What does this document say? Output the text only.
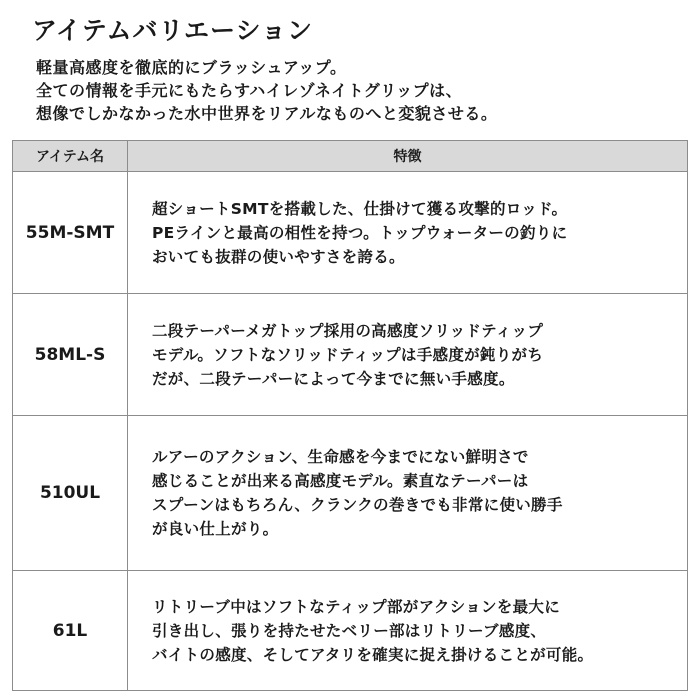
アイテムバリエーション
軽量高感度を徹底的にブラッシュアップ。
全ての情報を手元にもたらすハイレゾネイトグリップは、
想像でしかなかった水中世界をリアルなものへと変貌させる。
アイテム名	特徴
55M-SMT	超ショートSMTを搭載した、仕掛けて獲る攻撃的ロッド。
PEラインと最高の相性を持つ。トップウォーターの釣りに
おいても抜群の使いやすさを誇る。

58ML-S	二段テーパーメガトップ採用の高感度ソリッドティップ
モデル。ソフトなソリッドティップは手感度が鈍りがち
だが、二段テーパーによって今までに無い手感度。

510UL	ルアーのアクション、生命感を今までにない鮮明さで
感じることが出来る高感度モデル。素直なテーパーは
スプーンはもちろん、クランクの巻きでも非常に使い勝手
が良い仕上がり。

61L	リトリーブ中はソフトなティップ部がアクションを最大に
引き出し、張りを持たせたベリー部はリトリーブ感度、
バイトの感度、そしてアタリを確実に捉え掛けることが可能。
